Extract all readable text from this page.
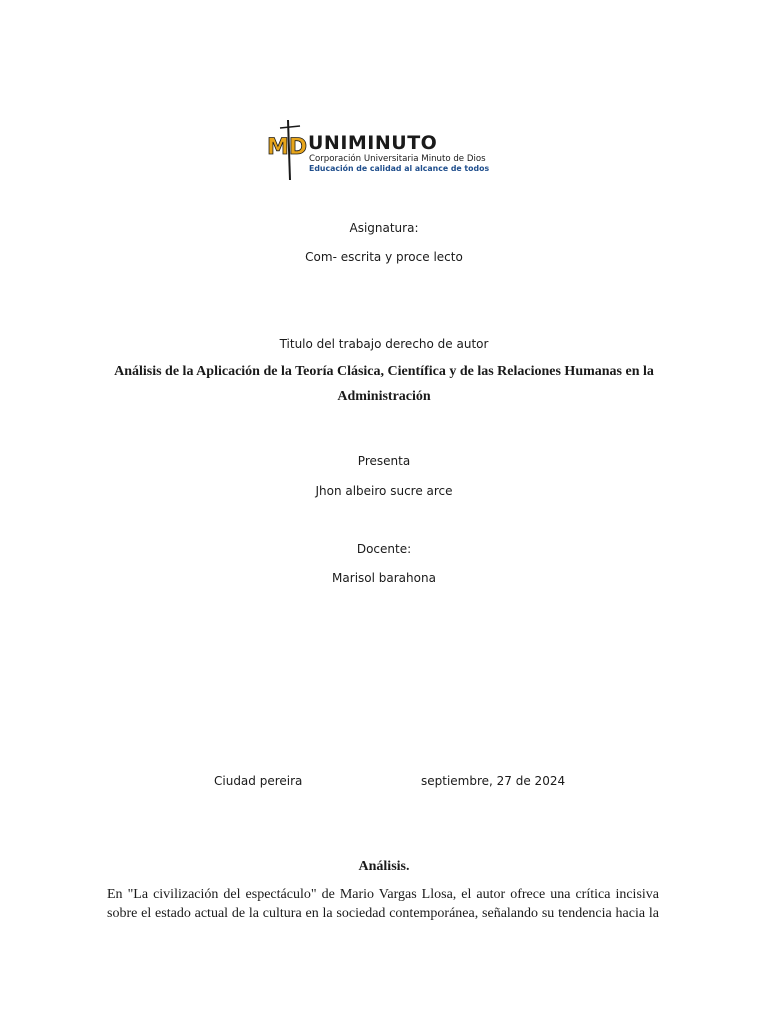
MD UNIMINUTO
Corporación Universitaria Minuto de Dios
Educación de calidad al alcance de todos
Asignatura:
Com- escrita y proce lecto
Titulo del trabajo derecho de autor
Análisis de la Aplicación de la Teoría Clásica, Científica y de las Relaciones Humanas en la
Administración
Presenta
Jhon albeiro sucre arce
Docente:
Marisol barahona
Ciudad pereira	septiembre, 27 de 2024
Análisis.
En "La civilización del espectáculo" de Mario Vargas Llosa, el autor ofrece una crítica incisiva
sobre el estado actual de la cultura en la sociedad contemporánea, señalando su tendencia hacia la
